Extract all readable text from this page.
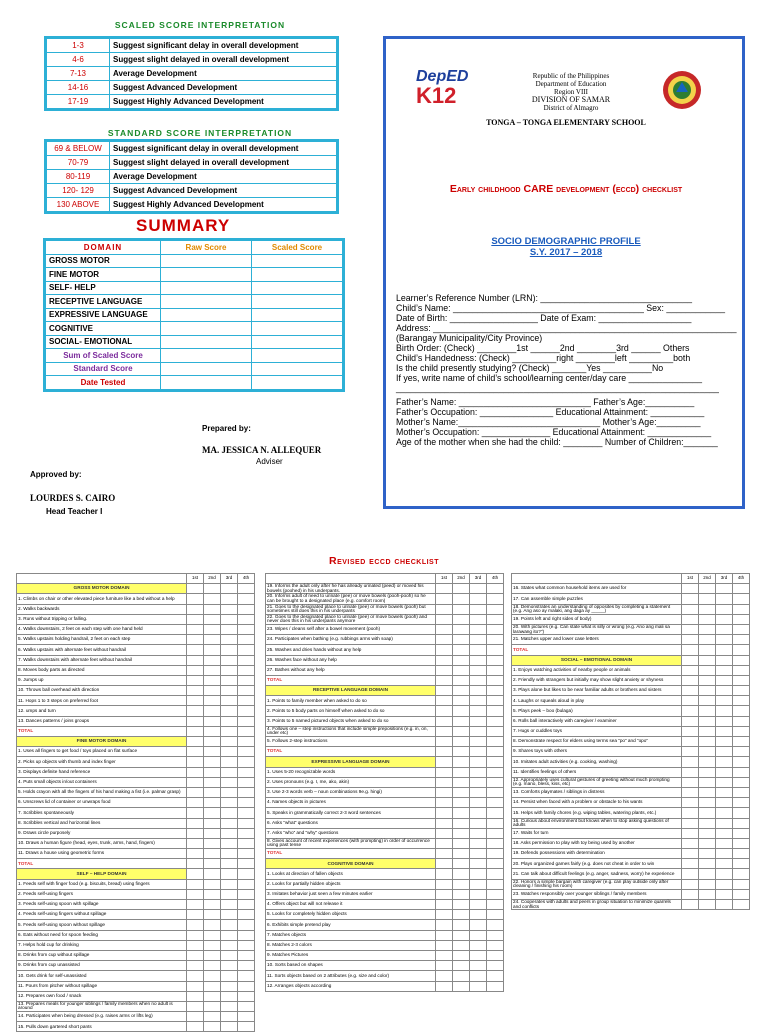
SCALED SCORE INTERPRETATION
1-3	Suggest significant delay in overall development
4-6	Suggest slight delayed in overall development
7-13	Average Development
14-16	Suggest Advanced Development
17-19	Suggest Highly Advanced Development
STANDARD SCORE INTERPRETATION
69 & BELOW	Suggest significant delay in overall development
70-79	Suggest slight delayed in overall development
80-119	Average Development
120- 129	Suggest Advanced Development
130 ABOVE	Suggest Highly Advanced Development
SUMMARY
DOMAIN	Raw Score	Scaled Score
GROSS MOTOR		
FINE MOTOR		
SELF- HELP		
RECEPTIVE LANGUAGE		
EXPRESSIVE LANGUAGE		
COGNITIVE		
SOCIAL- EMOTIONAL		
Sum of Scaled Score		
Standard Score		
Date Tested		
Prepared by:
MA. JESSICA N. ALLEQUER
Adviser
Approved by:
LOURDES S. CAIRO
Head Teacher I
DepED
K12
Republic of the Philippines
Department of Education
Region VIII
DIVISION OF SAMAR
District of Almagro
TONGA – TONGA ELEMENTARY SCHOOL
Early childhood CARE development (eccd) checklist
SOCIO DEMOGRAPHIC PROFILE
S.Y. 2017 – 2018
Learner’s Reference Number (LRN): _______________________________
Child’s Name: _______________________________________ Sex: ____________
Date of Birth: __________________ Date of Exam: ___________________
Address: ______________________________________________________________
(Barangay Municipality/City Province)
Birth Order: (Check) ________1st ______2nd ________3rd ______ Others
Child’s Handedness: (Check) _________right ________left _________both
Is the child presently studying? (Check) _______Yes __________No
If yes, write name of child’s school/learning center/day care _______________
__________________________________________________________________
Father’s Name: ___________________________ Father’s Age:__________
Father’s Occupation: _______________ Educational Attainment: ___________
Mother’s Name:_____________________________ Mother’s Age:_________
Mother’s Occupation: ______________ Educational Attainment: _____________
Age of the mother when she had the child: ________ Number of Children:_______
Revised eccd checklist
	1st	2nd	3rd	4th
GROSS MOTOR DOMAIN				
1. Climbs on chair or other elevated piece furniture like a bed without a help				
2. Walks backwards				
3. Runs without tripping or falling.				
4. Walks downstairs, 2 feet on each step with one hand held				
5. Walks upstairs holding handrail, 2 feet on each step				
6. Walks upstairs with alternate feet without handrail				
7. Walks downstairs with alternate feet without handrail				
8. Moves body parts as directed				
9. Jumps up				
10. Throws ball overhead with direction				
11. Hops 1 to 3 steps on preferred foot				
12. umps and turn				
13. Dances patterns / joins groups				
TOTAL				
FINE MOTOR DOMAIN				
1. Uses all fingers to get food / toys placed on flat surface				
2. Picks up objects with thumb and index finger				
3. Displays definite hand reference				
4. Puts small objects in/out containers				
5. Holds crayon with all the fingers of his hand making a fist (i.e. palmar grasp)				
6. Unscrews lid of container or unwraps food				
7. Scribbles spontaneously				
8. Scribbles vertical and horizontal lines				
9. Draws circle purposely				
10. Draws a human figure (head, eyes, trunk, arms, hand, fingers)				
11. Draws a house using geometric forms				
TOTAL				
SELF – HELP DOMAIN				
1. Feeds self with finger food (e.g. biscuits, bread) using fingers				
2. Feeds self-using fingers				
3. Feeds self-using spoon with spillage				
4. Feeds self-using fingers without spillage				
5. Feeds self-using spoon without spillage				
6. Eats without need for spoon feeding				
7. Helps hold cup for drinking				
8. Drinks from cup without spillage				
9. Drinks from cup unassisted				
10. Gets drink for self-unassisted				
11. Pours from pitcher without spillage				
12. Prepares own food / snack				
13. Prepares meals for younger siblings / family members when no adult is around				
14. Participates when being dressed (e.g. raises arms or lifts leg)				
15. Pulls down gartered short pants				
	1st	2nd	3rd	4th
19. Informs the adult only after he has already urinated (peed) or moved his bowels (poohed) in his underpants.				
20. Informs adult of need to urinate (pee) or move bowels (pooh-pooh) so he can be brought to a designated place (e.g. comfort room)				
21. Goes to the designated place to urinate (pee) or move bowels (pooh) but sometimes still does this in his underpants				
22. Goes to the designated place to urinate (pee) or move bowels (pooh) and never does this in his underpants anymore				
23. Wipes / cleans self after a bowel movement (pooh)				
24. Participates when bathing (e.g. rubbings arms with soap)				
25. Washes and dries hands without any help				
26. Washes face without any help				
27. Bathes without any help				
TOTAL				
RECEPTIVE LANGUAGE DOMAIN				
1. Points to family member when asked to do so				
2. Points to 5 body parts on himself when asked to do so				
3. Points to 5 named pictured objects when asked to do so				
4. Follows one – step instructions that include simple prepositions (e.g. in, on, under etc)				
5. Follows 2-step instructions				
TOTAL				
EXPRESSIVE LANGUAGE DOMAIN				
1. Uses 5-20 recognizable words				
2. Uses pronouns (e.g. I, me, ako, akin)				
3. Use 2-3 words verb – noun combinations 9e.g. hingi)				
4. Names objects in pictures				
5. Speaks in grammatically correct 2-3 word sentences				
6. Asks “what” questions				
7. Asks “who” and “why” questions				
8. Gives account of recent experiences (with prompting) in order of occurrence using past tense				
TOTAL				
COGNITIVE DOMAIN				
1. Looks at direction of fallen objects				
2. Looks for partially hidden objects				
3. Imitates behavior just seen a few minutes earlier				
4. Offers object but will not release it				
5. Looks for completely hidden objects				
6. Exhibits simple pretend play				
7. Matches objects				
8. Matches 2-3 colors				
9. Matches Pictures				
10. Sorts based on shapes				
11. Sorts objects based on 2 attributes (e.g. size and color)				
12. Arranges objects according				
	1st	2nd	3rd	4th
16. States what common household items are used for				
17. Can assemble simple puzzles				
18. Demonstrates an understanding of opposites by completing a statement (e.g. Ang aso ay malaki, ang daga ay _____)				
19. Points left and right sides of body)				
20. With pictures (e.g. Can state what is silly or wrong (e.g. Ano ang mali sa larawang ito?")				
21. Matches upper and lower case letters				
TOTAL				
SOCIAL – EMOTIONAL DOMAIN				
1. Enjoys watching activities of nearby people or animals				
2. Friendly with strangers but initially may show slight anxiety or shyness				
3. Plays alone but likes to be near familiar adults or brothers and sisters				
4. Laughs or squeals aloud in play				
5. Plays peek – boo (bulaga)				
6. Rolls ball interactively with caregiver / examiner				
7. Hugs or cuddles toys				
8. Demonstrate respect for elders using terms sea “po” and “opo”				
9. Shares toys with others				
10. Imitates adult activities (e.g. cooking, washing)				
11. Identifies feelings of others				
12. Appropriately uses cultural gestures of greeting without much prompting (e.g. mano, bless, kiss, etc)				
13. Comforts playmates / siblings in distress				
14. Persist when faced with a problem or obstacle to his wants				
15. Helps with family chores (e.g. wiping tables, watering plants, etc.)				
16. Curious about environment but knows when to stop asking questions of adults				
17. Waits for turn				
18. Asks permission to play with toy being used by another				
19. Defends possessions with determination				
20. Plays organized games fairly (e.g. does not cheat in order to win				
21. Can talk about difficult feelings (e.g. anger, sadness, worry) he experience				
22. Honors a simple bargain with caregiver (e.g. can play outside only after cleaning / finishing his room)				
23. Watches responsibly over younger siblings / family members				
24. Cooperates with adults and peers in group situation to minimize quarrels and conflicts				
